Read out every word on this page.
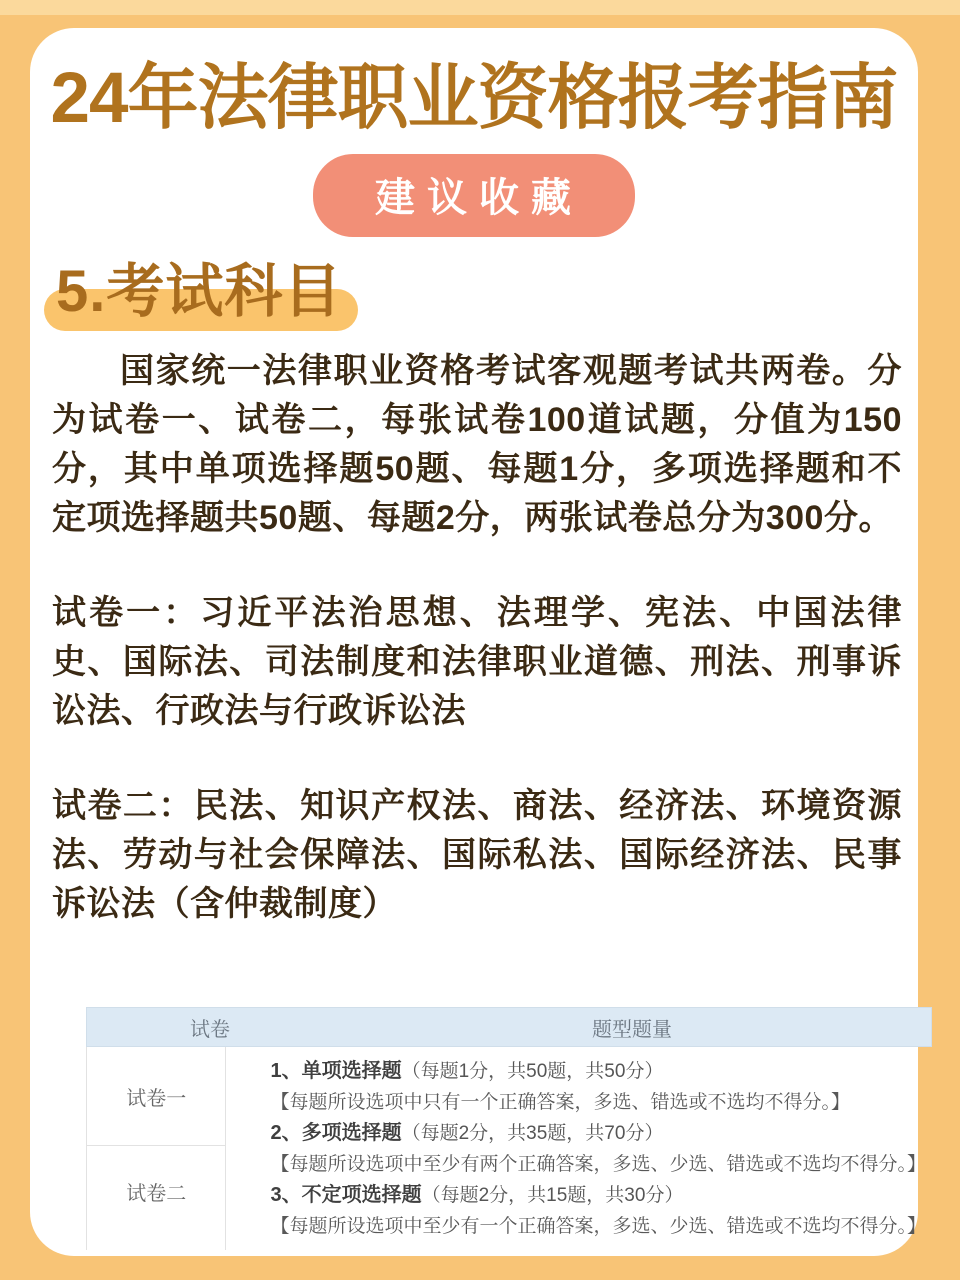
24年法律职业资格报考指南
建议收藏
5.考试科目

国家统一法律职业资格考试客观题考试共两卷。分为试卷一、试卷二，每张试卷100道试题，分值为150分，其中单项选择题50题、每题1分，多项选择题和不定项选择题共50题、每题2分，两张试卷总分为300分。

试卷一：习近平法治思想、法理学、宪法、中国法律史、国际法、司法制度和法律职业道德、刑法、刑事诉讼法、行政法与行政诉讼法

试卷二：民法、知识产权法、商法、经济法、环境资源法、劳动与社会保障法、国际私法、国际经济法、民事诉讼法（含仲裁制度）

试卷	题型题量
试卷一
试卷二
1、单项选择题（每题1分，共50题，共50分）
【每题所设选项中只有一个正确答案，多选、错选或不选均不得分。】
2、多项选择题（每题2分，共35题，共70分）
【每题所设选项中至少有两个正确答案，多选、少选、错选或不选均不得分。】
3、不定项选择题（每题2分，共15题，共30分）
【每题所设选项中至少有一个正确答案，多选、少选、错选或不选均不得分。】
